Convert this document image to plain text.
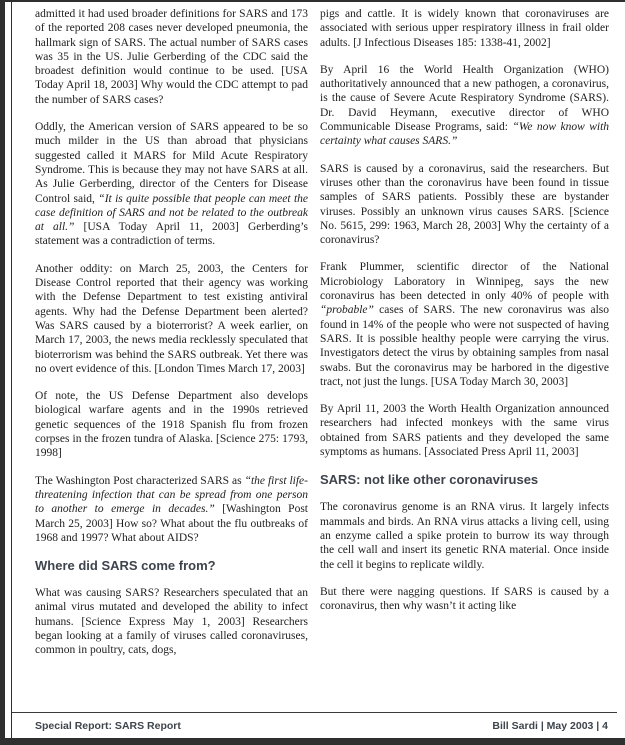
admitted it had used broader definitions for SARS and 173 of the reported 208 cases never developed pneumonia, the hallmark sign of SARS. The actual number of SARS cases was 35 in the US. Julie Gerberding of the CDC said the broadest definition would continue to be used. [USA Today April 18, 2003] Why would the CDC attempt to pad the number of SARS cases?

Oddly, the American version of SARS appeared to be so much milder in the US than abroad that physicians suggested called it MARS for Mild Acute Respiratory Syndrome. This is because they may not have SARS at all. As Julie Gerberding, director of the Centers for Disease Control said, “It is quite possible that people can meet the case definition of SARS and not be related to the outbreak at all.” [USA Today April 11, 2003] Gerberding’s statement was a contradiction of terms.

Another oddity: on March 25, 2003, the Centers for Disease Control reported that their agency was working with the Defense Department to test existing antiviral agents. Why had the Defense Department been alerted? Was SARS caused by a bioterrorist? A week earlier, on March 17, 2003, the news media recklessly speculated that bioterrorism was behind the SARS outbreak. Yet there was no overt evidence of this. [London Times March 17, 2003]

Of note, the US Defense Department also develops biological warfare agents and in the 1990s retrieved genetic sequences of the 1918 Spanish flu from frozen corpses in the frozen tundra of Alaska. [Science 275: 1793, 1998]

The Washington Post characterized SARS as “the first life-threatening infection that can be spread from one person to another to emerge in decades.” [Washington Post March 25, 2003] How so? What about the flu outbreaks of 1968 and 1997? What about AIDS?

Where did SARS come from?

What was causing SARS? Researchers speculated that an animal virus mutated and developed the ability to infect humans. [Science Express May 1, 2003] Researchers began looking at a family of viruses called coronaviruses, common in poultry, cats, dogs,

pigs and cattle. It is widely known that coronaviruses are associated with serious upper respiratory illness in frail older adults. [J Infectious Diseases 185: 1338-41, 2002]

By April 16 the World Health Organization (WHO) authoritatively announced that a new pathogen, a coronavirus, is the cause of Severe Acute Respiratory Syndrome (SARS). Dr. David Heymann, executive director of WHO Communicable Disease Programs, said: “We now know with certainty what causes SARS.”

SARS is caused by a coronavirus, said the researchers. But viruses other than the coronavirus have been found in tissue samples of SARS patients. Possibly these are bystander viruses. Possibly an unknown virus causes SARS. [Science No. 5615, 299: 1963, March 28, 2003] Why the certainty of a coronavirus?

Frank Plummer, scientific director of the National Microbiology Laboratory in Winnipeg, says the new coronavirus has been detected in only 40% of people with “probable” cases of SARS. The new coronavirus was also found in 14% of the people who were not suspected of having SARS. It is possible healthy people were carrying the virus. Investigators detect the virus by obtaining samples from nasal swabs. But the coronavirus may be harbored in the digestive tract, not just the lungs. [USA Today March 30, 2003]

By April 11, 2003 the Worth Health Organization announced researchers had infected monkeys with the same virus obtained from SARS patients and they developed the same symptoms as humans. [Associated Press April 11, 2003]

SARS: not like other coronaviruses

The coronavirus genome is an RNA virus. It largely infects mammals and birds. An RNA virus attacks a living cell, using an enzyme called a spike protein to burrow its way through the cell wall and insert its genetic RNA material. Once inside the cell it begins to replicate wildly.

But there were nagging questions. If SARS is caused by a coronavirus, then why wasn’t it acting like

Special Report: SARS Report	Bill Sardi | May 2003 | 4
